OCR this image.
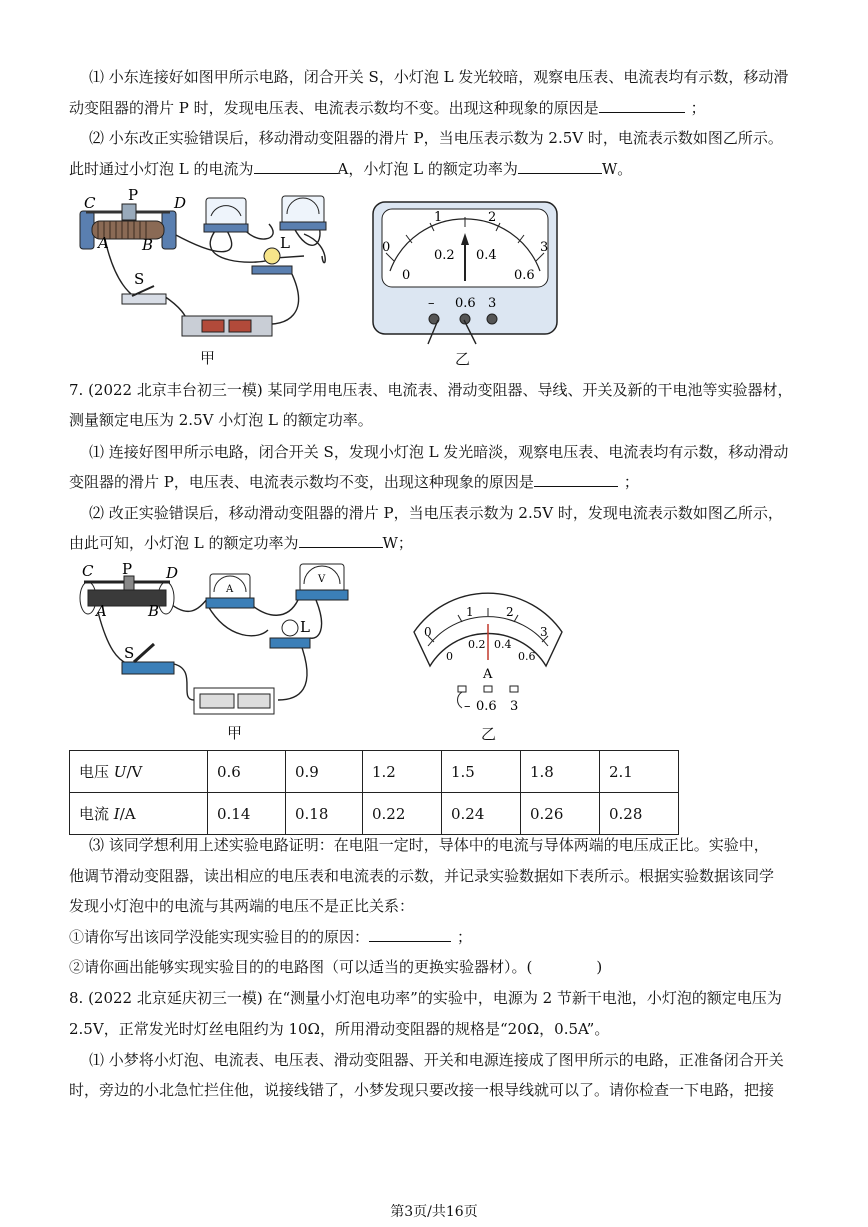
⑴ 小东连接好如图甲所示电路，闭合开关 S，小灯泡 L 发光较暗，观察电压表、电流表均有示数，移动滑
动变阻器的滑片 P 时，发现电压表、电流表示数均不变。出现这种现象的原因是	；
⑵ 小东改正实验错误后，移动滑动变阻器的滑片 P，当电压表示数为 2.5V 时，电流表示数如图乙所示。
此时通过小灯泡 L 的电流为	A，小灯泡 L 的额定功率为	W。
C P D
A B
S
L
甲
0
1	2
3
0
0.2 0.4
0.6
– 0.6 3
乙
7. (2022 北京丰台初三一模) 某同学用电压表、电流表、滑动变阻器、导线、开关及新的干电池等实验器材，
测量额定电压为 2.5V 小灯泡 L 的额定功率。
⑴ 连接好图甲所示电路，闭合开关 S，发现小灯泡 L 发光暗淡，观察电压表、电流表均有示数，移动滑动
变阻器的滑片 P，电压表、电流表示数均不变，出现这种现象的原因是	；
⑵ 改正实验错误后，移动滑动变阻器的滑片 P，当电压表示数为 2.5V 时，发现电流表示数如图乙所示，
由此可知，小灯泡 L 的额定功率为	W；
C P D
A	B
S
L
V
A
甲
0
1	2
3
0
0.2 0.4
0.6
A
– 0.6 3
乙
电压 U/V	0.6	0.9	1.2	1.5	1.8	2.1
电流 I/A	0.14	0.18	0.22	0.24	0.26	0.28
⑶ 该同学想利用上述实验电路证明：在电阻一定时，导体中的电流与导体两端的电压成正比。实验中，
他调节滑动变阻器，读出相应的电压表和电流表的示数，并记录实验数据如下表所示。根据实验数据该同学
发现小灯泡中的电流与其两端的电压不是正比关系：
①请你写出该同学没能实现实验目的的原因：	；
②请你画出能够实现实验目的的电路图（可以适当的更换实验器材）。(	)
8. (2022 北京延庆初三一模) 在“测量小灯泡电功率”的实验中，电源为 2 节新干电池，小灯泡的额定电压为
2.5V，正常发光时灯丝电阻约为 10Ω，所用滑动变阻器的规格是“20Ω，0.5A”。
⑴ 小梦将小灯泡、电流表、电压表、滑动变阻器、开关和电源连接成了图甲所示的电路，正准备闭合开关
时，旁边的小北急忙拦住他，说接线错了，小梦发现只要改接一根导线就可以了。请你检查一下电路，把接
第3页/共16页
